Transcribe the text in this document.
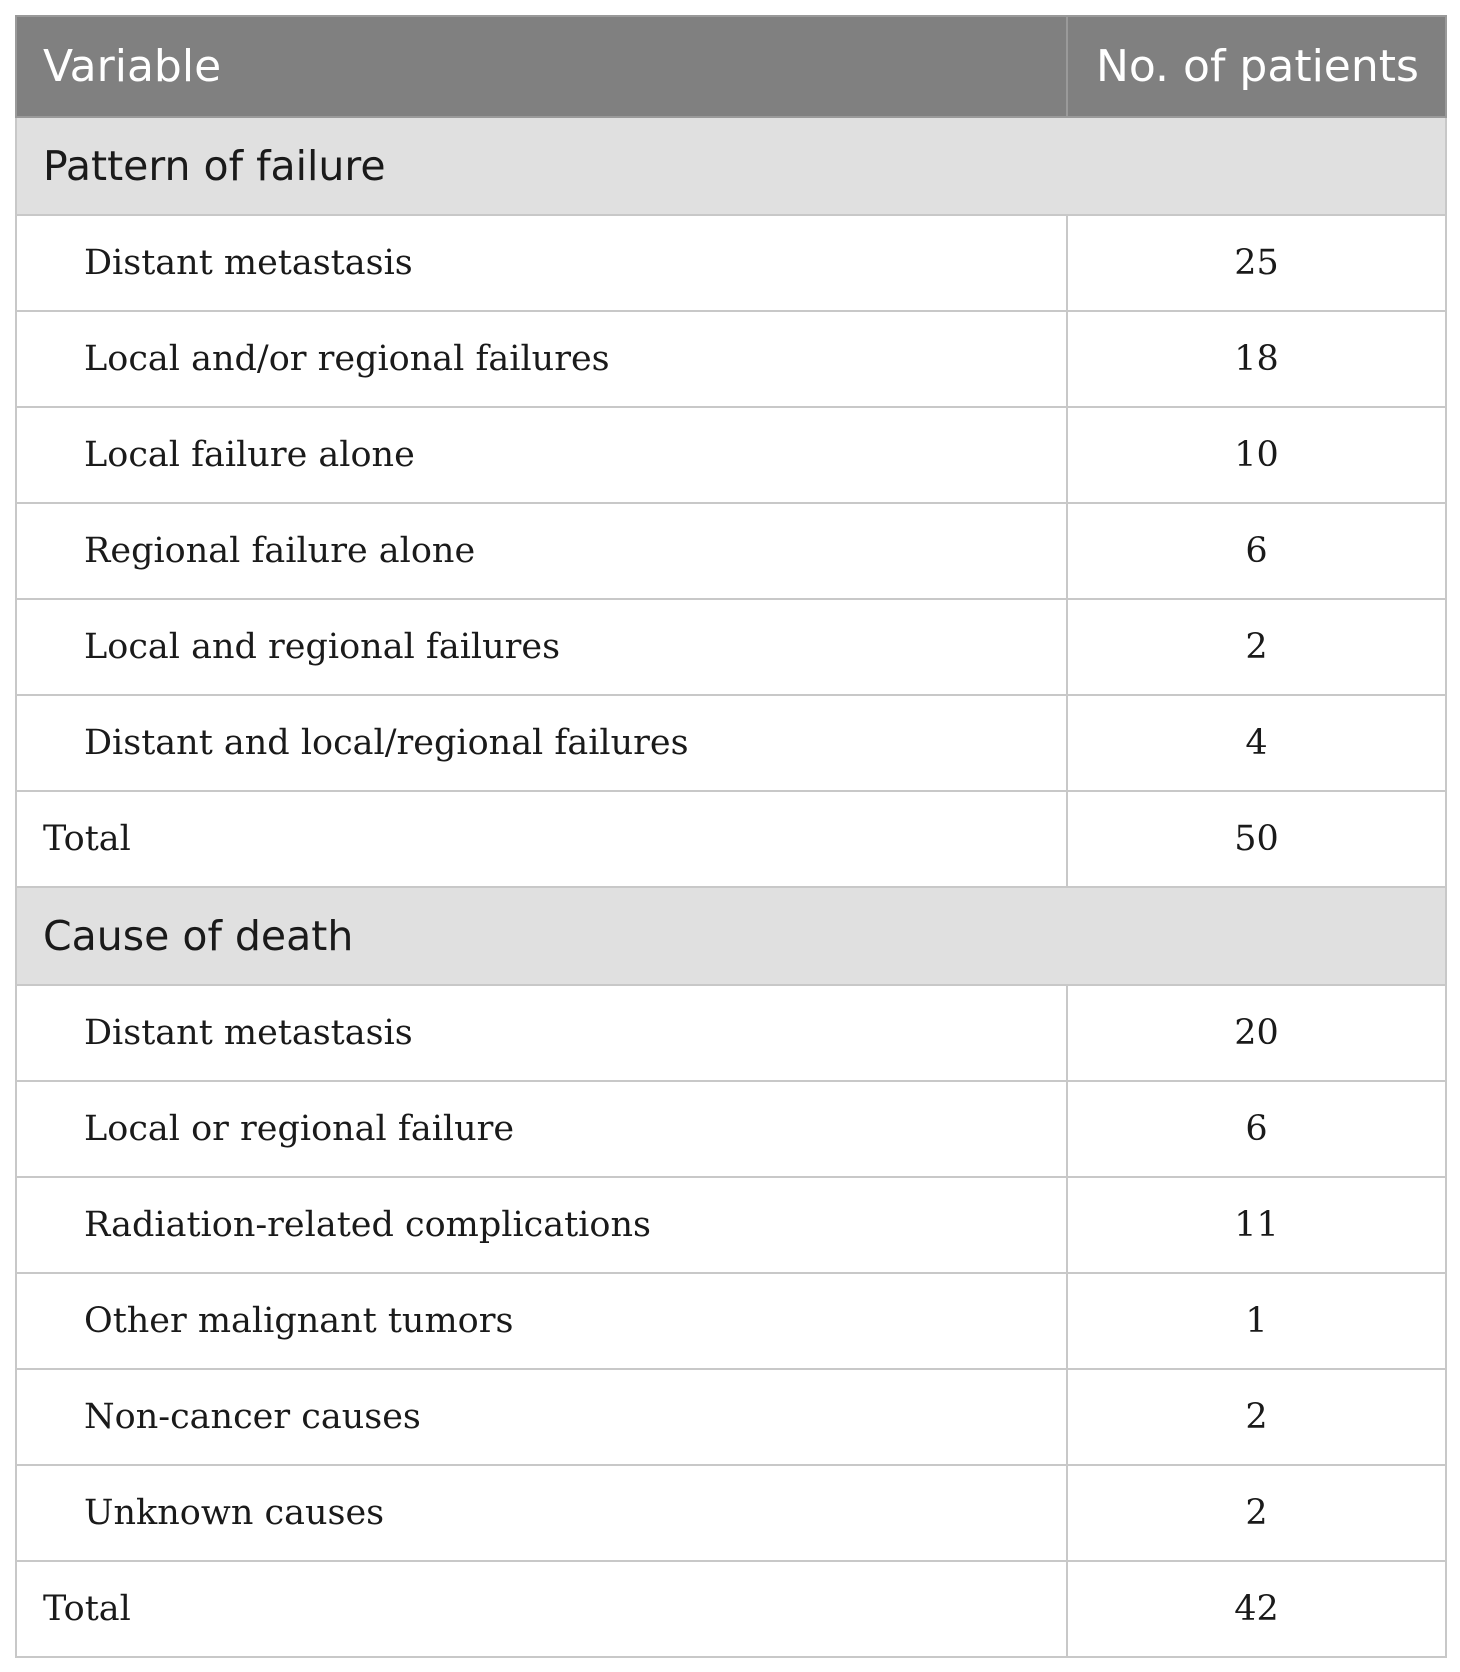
Variable	No. of patients
Pattern of failure	
Distant metastasis	25
Local and/or regional failures	18
Local failure alone	10
Regional failure alone	6
Local and regional failures	2
Distant and local/regional failures	4
Total	50
Cause of death	
Distant metastasis	20
Local or regional failure	6
Radiation-related complications	11
Other malignant tumors	1
Non-cancer causes	2
Unknown causes	2
Total	42
